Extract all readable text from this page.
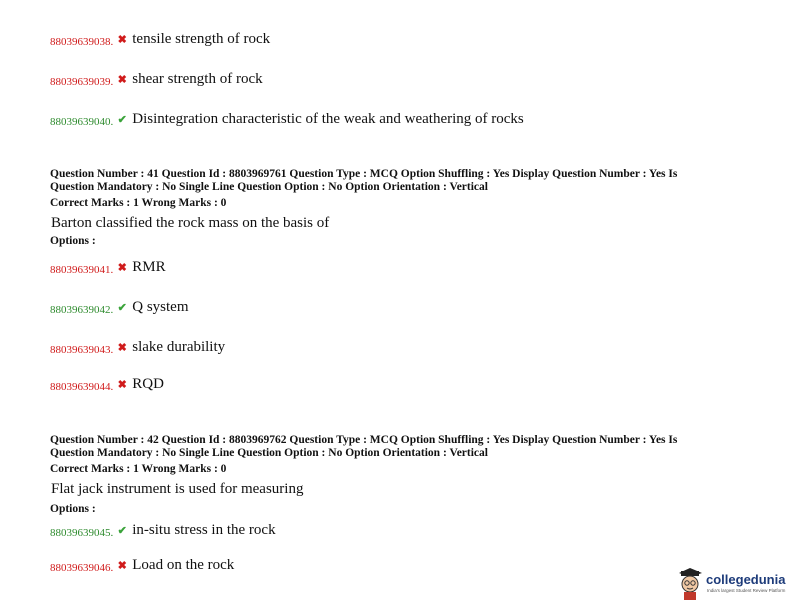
88039639038. ✖ tensile strength of rock
88039639039. ✖ shear strength of rock
88039639040. ✔ Disintegration characteristic of the weak and weathering of rocks
Question Number : 41 Question Id : 8803969761 Question Type : MCQ Option Shuffling : Yes Display Question Number : Yes Is
Question Mandatory : No Single Line Question Option : No Option Orientation : Vertical
Correct Marks : 1 Wrong Marks : 0
Barton classified the rock mass on the basis of
Options :
88039639041. ✖ RMR
88039639042. ✔ Q system
88039639043. ✖ slake durability
88039639044. ✖ RQD
Question Number : 42 Question Id : 8803969762 Question Type : MCQ Option Shuffling : Yes Display Question Number : Yes Is
Question Mandatory : No Single Line Question Option : No Option Orientation : Vertical
Correct Marks : 1 Wrong Marks : 0
Flat jack instrument is used for measuring
Options :
88039639045. ✔ in-situ stress in the rock
88039639046. ✖ Load on the rock
collegedunia
India's largest Student Review Platform
